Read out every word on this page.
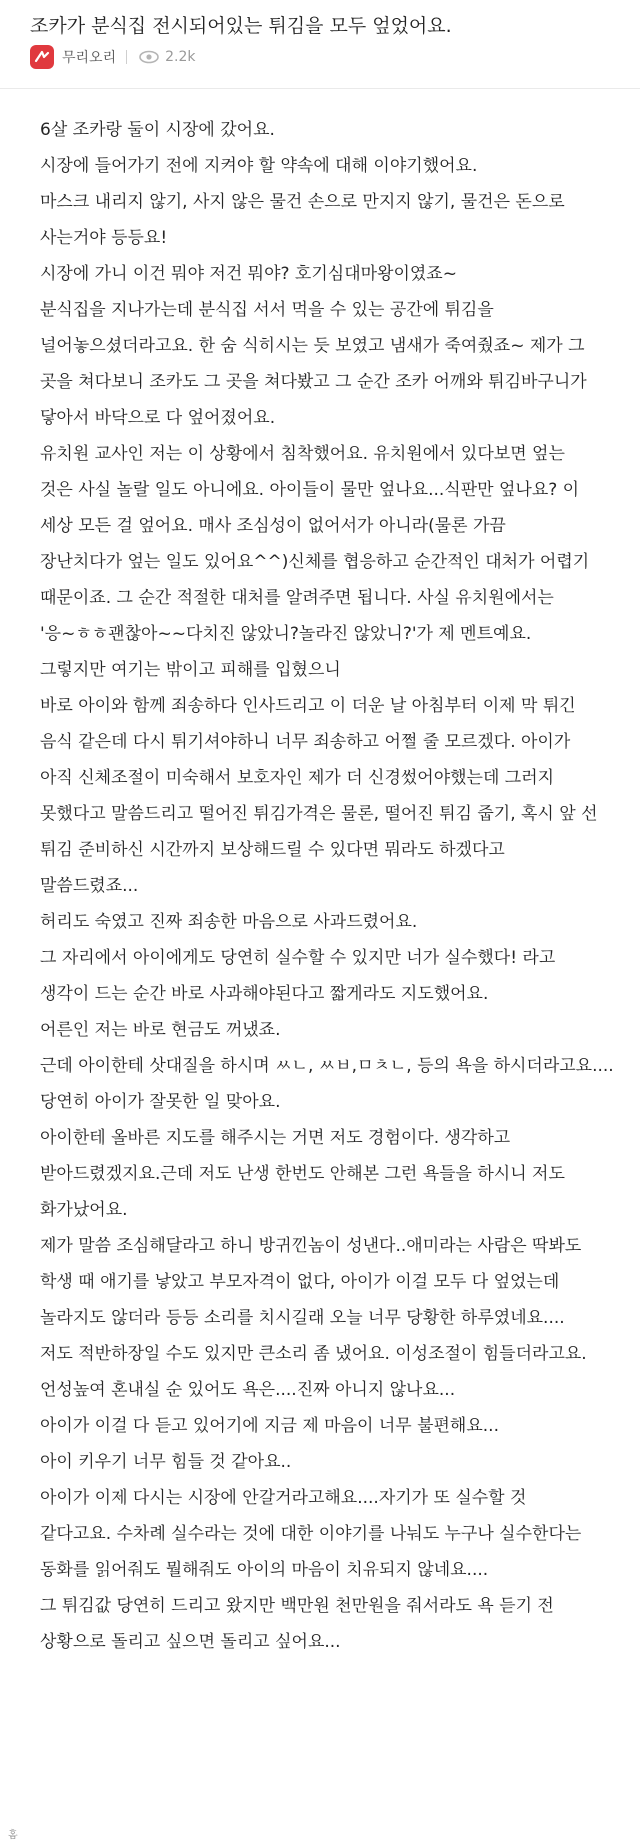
조카가 분식집 전시되어있는 튀김을 모두 엎었어요.
무리오리	2.2k
6살 조카랑 둘이 시장에 갔어요.
시장에 들어가기 전에 지켜야 할 약속에 대해 이야기했어요.
마스크 내리지 않기, 사지 않은 물건 손으로 만지지 않기, 물건은 돈으로
사는거야 등등요!
시장에 가니 이건 뭐야 저건 뭐야? 호기심대마왕이였죠~
분식집을 지나가는데 분식집 서서 먹을 수 있는 공간에 튀김을
널어놓으셨더라고요. 한 숨 식히시는 듯 보였고 냄새가 죽여줬죠~ 제가 그
곳을 쳐다보니 조카도 그 곳을 쳐다봤고 그 순간 조카 어깨와 튀김바구니가
닿아서 바닥으로 다 엎어졌어요.
유치원 교사인 저는 이 상황에서 침착했어요. 유치원에서 있다보면 엎는
것은 사실 놀랄 일도 아니에요. 아이들이 물만 엎나요...식판만 엎나요? 이
세상 모든 걸 엎어요. 매사 조심성이 없어서가 아니라(물론 가끔
장난치다가 엎는 일도 있어요^^)신체를 협응하고 순간적인 대처가 어렵기
때문이죠. 그 순간 적절한 대처를 알려주면 됩니다. 사실 유치원에서는
'응~ㅎㅎ괜찮아~~다치진 않았니?놀라진 않았니?'가 제 멘트예요.
그렇지만 여기는 밖이고 피해를 입혔으니
바로 아이와 함께 죄송하다 인사드리고 이 더운 날 아침부터 이제 막 튀긴
음식 같은데 다시 튀기셔야하니 너무 죄송하고 어쩔 줄 모르겠다. 아이가
아직 신체조절이 미숙해서 보호자인 제가 더 신경썼어야했는데 그러지
못했다고 말씀드리고 떨어진 튀김가격은 물론, 떨어진 튀김 줍기, 혹시 앞 선
튀김 준비하신 시간까지 보상해드릴 수 있다면 뭐라도 하겠다고
말씀드렸죠...
허리도 숙였고 진짜 죄송한 마음으로 사과드렸어요.
그 자리에서 아이에게도 당연히 실수할 수 있지만 너가 실수했다! 라고
생각이 드는 순간 바로 사과해야된다고 짧게라도 지도했어요.
어른인 저는 바로 현금도 꺼냈죠.
근데 아이한테 삿대질을 하시며 ㅆㄴ, ㅆㅂ,ㅁㅊㄴ, 등의 욕을 하시더라고요....
당연히 아이가 잘못한 일 맞아요.
아이한테 올바른 지도를 해주시는 거면 저도 경험이다. 생각하고
받아드렸겠지요.근데 저도 난생 한번도 안해본 그런 욕들을 하시니 저도
화가났어요.
제가 말씀 조심해달라고 하니 방귀낀놈이 성낸다..애미라는 사람은 딱봐도
학생 때 애기를 낳았고 부모자격이 없다, 아이가 이걸 모두 다 엎었는데
놀라지도 않더라 등등 소리를 치시길래 오늘 너무 당황한 하루였네요....
저도 적반하장일 수도 있지만 큰소리 좀 냈어요. 이성조절이 힘들더라고요.
언성높여 혼내실 순 있어도 욕은....진짜 아니지 않나요...
아이가 이걸 다 듣고 있어기에 지금 제 마음이 너무 불편해요...
아이 키우기 너무 힘들 것 같아요..
아이가 이제 다시는 시장에 안갈거라고해요....자기가 또 실수할 것
같다고요. 수차례 실수라는 것에 대한 이야기를 나눠도 누구나 실수한다는
동화를 읽어줘도 뭘해줘도 아이의 마음이 치유되지 않네요....
그 튀김값 당연히 드리고 왔지만 백만원 천만원을 줘서라도 욕 듣기 전
상황으로 돌리고 싶으면 돌리고 싶어요...
홈
